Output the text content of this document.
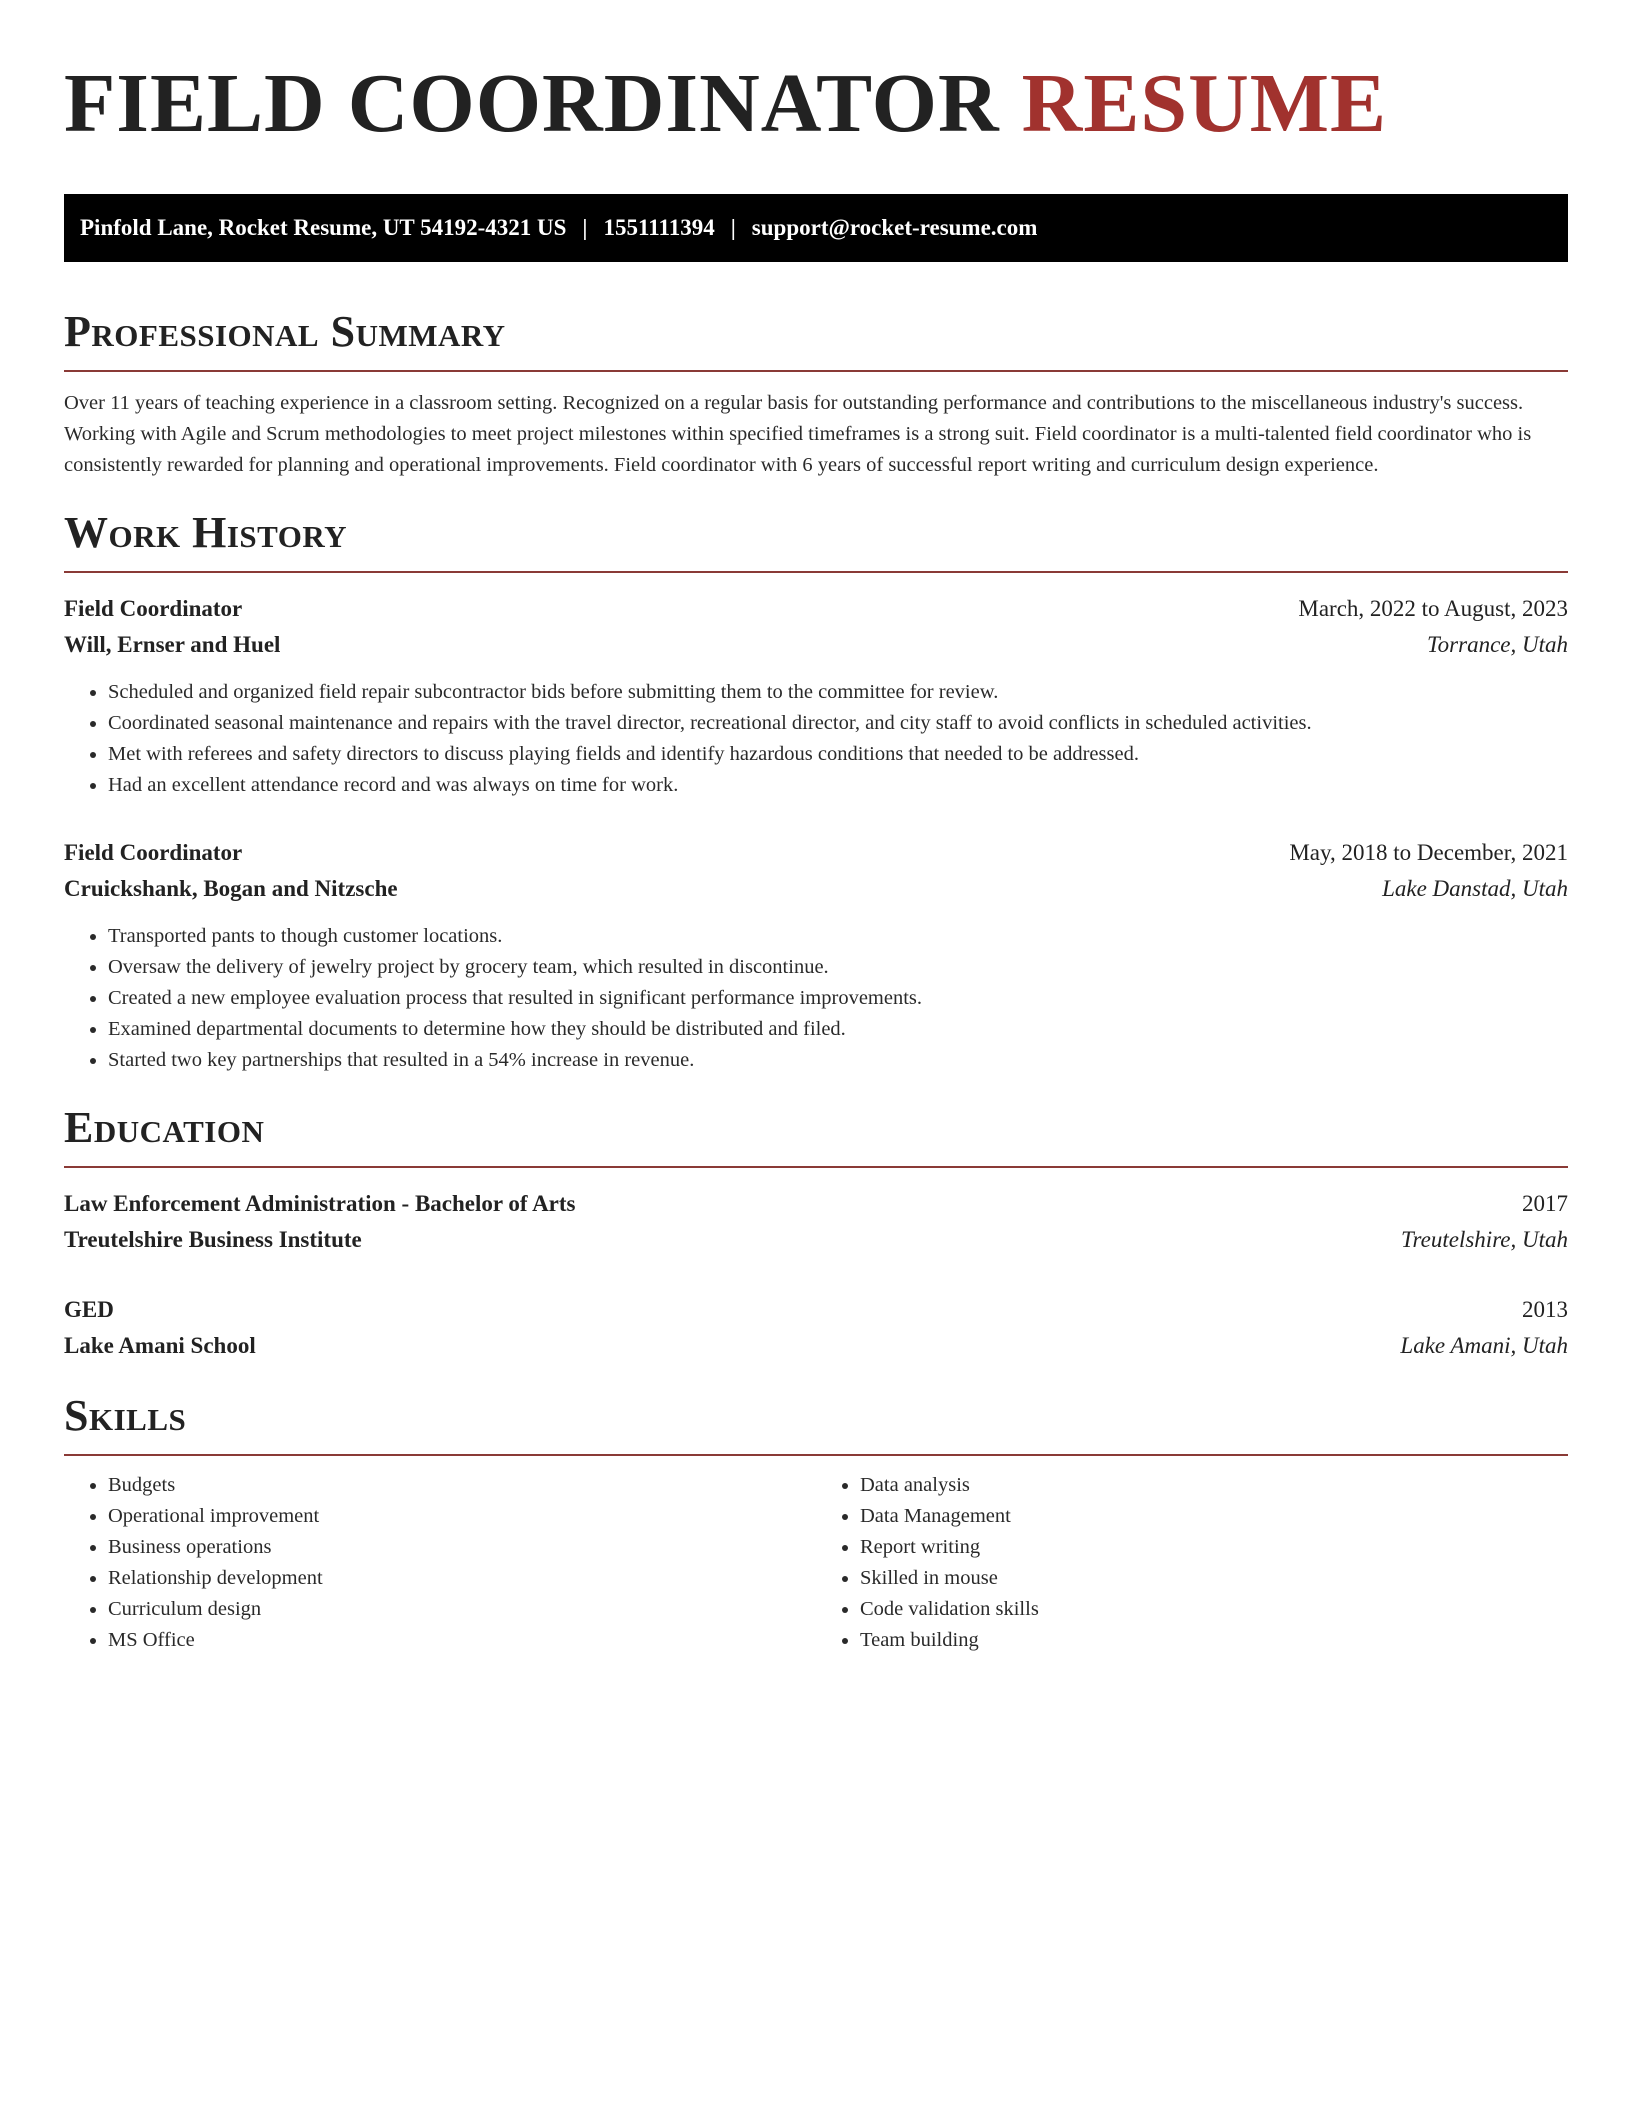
FIELD COORDINATOR RESUME
Pinfold Lane, Rocket Resume, UT 54192-4321 US | 1551111394 | support@rocket-resume.com
Professional Summary

Over 11 years of teaching experience in a classroom setting. Recognized on a regular basis for outstanding performance and contributions to the miscellaneous industry's success. Working with Agile and Scrum methodologies to meet project milestones within specified timeframes is a strong suit. Field coordinator is a multi-talented field coordinator who is consistently rewarded for planning and operational improvements. Field coordinator with 6 years of successful report writing and curriculum design experience.

Work History
Field Coordinator	March, 2022 to August, 2023
Will, Ernser and Huel	Torrance, Utah
• Scheduled and organized field repair subcontractor bids before submitting them to the committee for review.
• Coordinated seasonal maintenance and repairs with the travel director, recreational director, and city staff to avoid conflicts in scheduled activities.
• Met with referees and safety directors to discuss playing fields and identify hazardous conditions that needed to be addressed.
• Had an excellent attendance record and was always on time for work.
Field Coordinator	May, 2018 to December, 2021
Cruickshank, Bogan and Nitzsche	Lake Danstad, Utah
• Transported pants to though customer locations.
• Oversaw the delivery of jewelry project by grocery team, which resulted in discontinue.
• Created a new employee evaluation process that resulted in significant performance improvements.
• Examined departmental documents to determine how they should be distributed and filed.
• Started two key partnerships that resulted in a 54% increase in revenue.
Education
Law Enforcement Administration - Bachelor of Arts	2017
Treutelshire Business Institute	Treutelshire, Utah
GED	2013
Lake Amani School	Lake Amani, Utah
Skills
• Budgets
• Operational improvement
• Business operations
• Relationship development
• Curriculum design
• MS Office
• Data analysis
• Data Management
• Report writing
• Skilled in mouse
• Code validation skills
• Team building
